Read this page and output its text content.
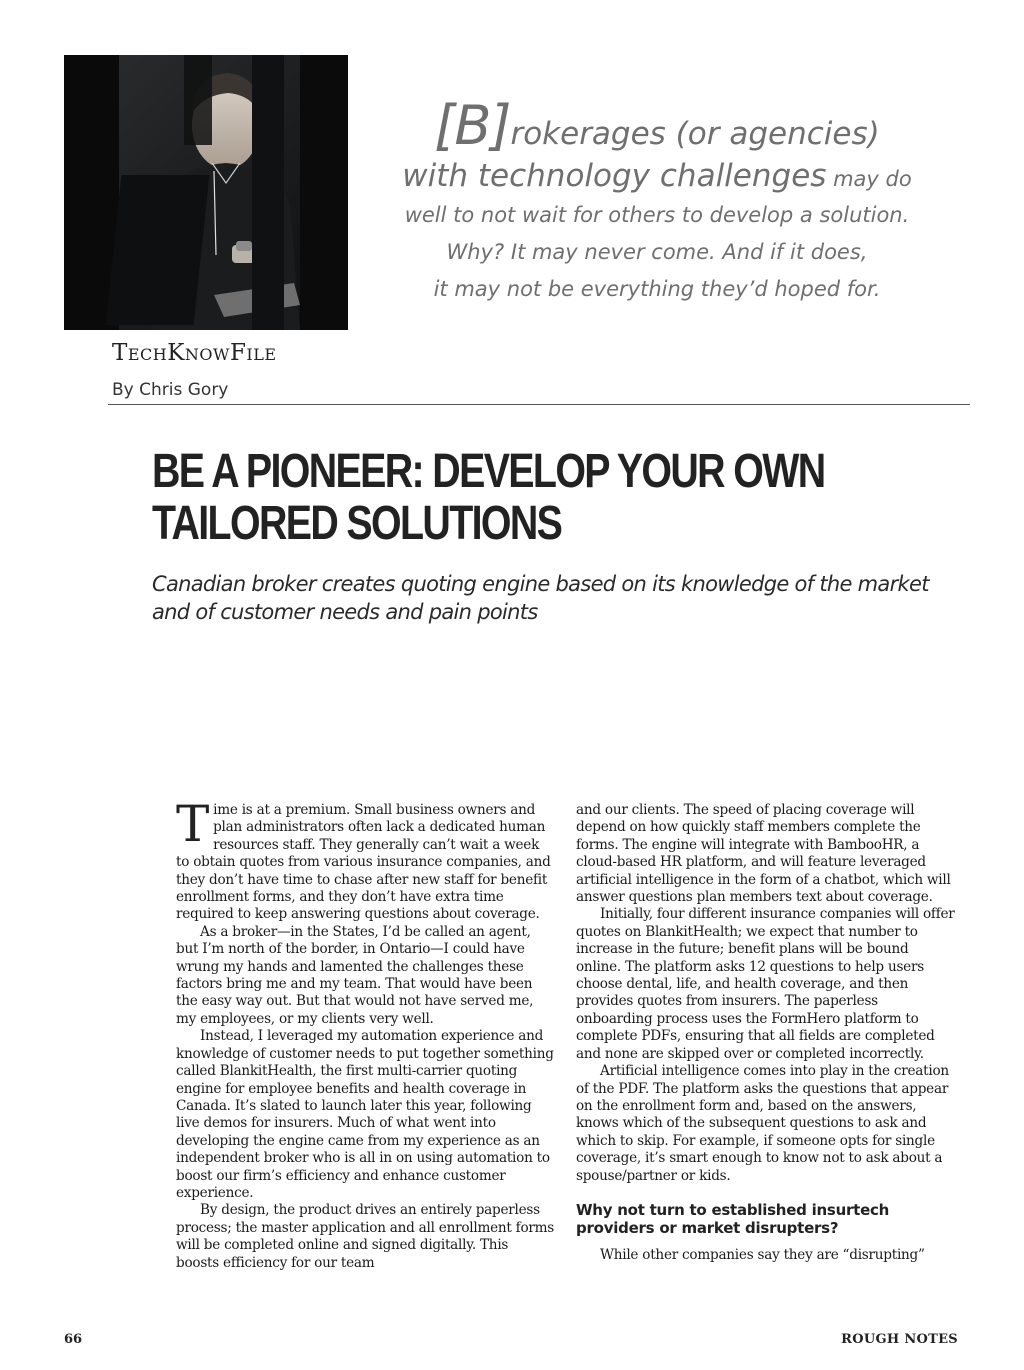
[B]rokerages (or agencies)
with technology challenges may do
well to not wait for others to develop a solution.
Why? It may never come. And if it does,
it may not be everything they’d hoped for.
TechKnowFile
By Chris Gory
BE A PIONEER: DEVELOP YOUR OWN
TAILORED SOLUTIONS
Canadian broker creates quoting engine based on its knowledge of the market and of customer needs and pain points

Time is at a premium. Small business owners and plan administrators often lack a dedicated human resources staff. They generally can’t wait a week to obtain quotes from various insurance companies, and they don’t have time to chase after new staff for benefit enrollment forms, and they don’t have extra time required to keep answering questions about coverage.

As a broker—in the States, I’d be called an agent, but I’m north of the border, in Ontario—I could have wrung my hands and lamented the challenges these factors bring me and my team. That would have been the easy way out. But that would not have served me, my employees, or my clients very well.

Instead, I leveraged my automation experience and knowledge of customer needs to put together something called BlankitHealth, the first multi-carrier quoting engine for employee benefits and health coverage in Canada. It’s slated to launch later this year, following live demos for insurers. Much of what went into developing the engine came from my experience as an independent broker who is all in on using automation to boost our firm’s efficiency and enhance customer experience.

By design, the product drives an entirely paperless process; the master application and all enrollment forms will be completed online and signed digitally. This boosts efficiency for our team

and our clients. The speed of placing coverage will depend on how quickly staff members complete the forms. The engine will integrate with BambooHR, a cloud-based HR platform, and will feature leveraged artificial intelligence in the form of a chatbot, which will answer questions plan members text about coverage.

Initially, four different insurance companies will offer quotes on BlankitHealth; we expect that number to increase in the future; benefit plans will be bound online. The platform asks 12 questions to help users choose dental, life, and health coverage, and then provides quotes from insurers. The paperless onboarding process uses the FormHero platform to complete PDFs, ensuring that all fields are completed and none are skipped over or completed incorrectly.

Artificial intelligence comes into play in the creation of the PDF. The platform asks the questions that appear on the enrollment form and, based on the answers, knows which of the subsequent questions to ask and which to skip. For example, if someone opts for single coverage, it’s smart enough to know not to ask about a spouse/partner or kids.

Why not turn to established insurtech providers or market disrupters?

While other companies say they are “disrupting”

66	ROUGH NOTES
